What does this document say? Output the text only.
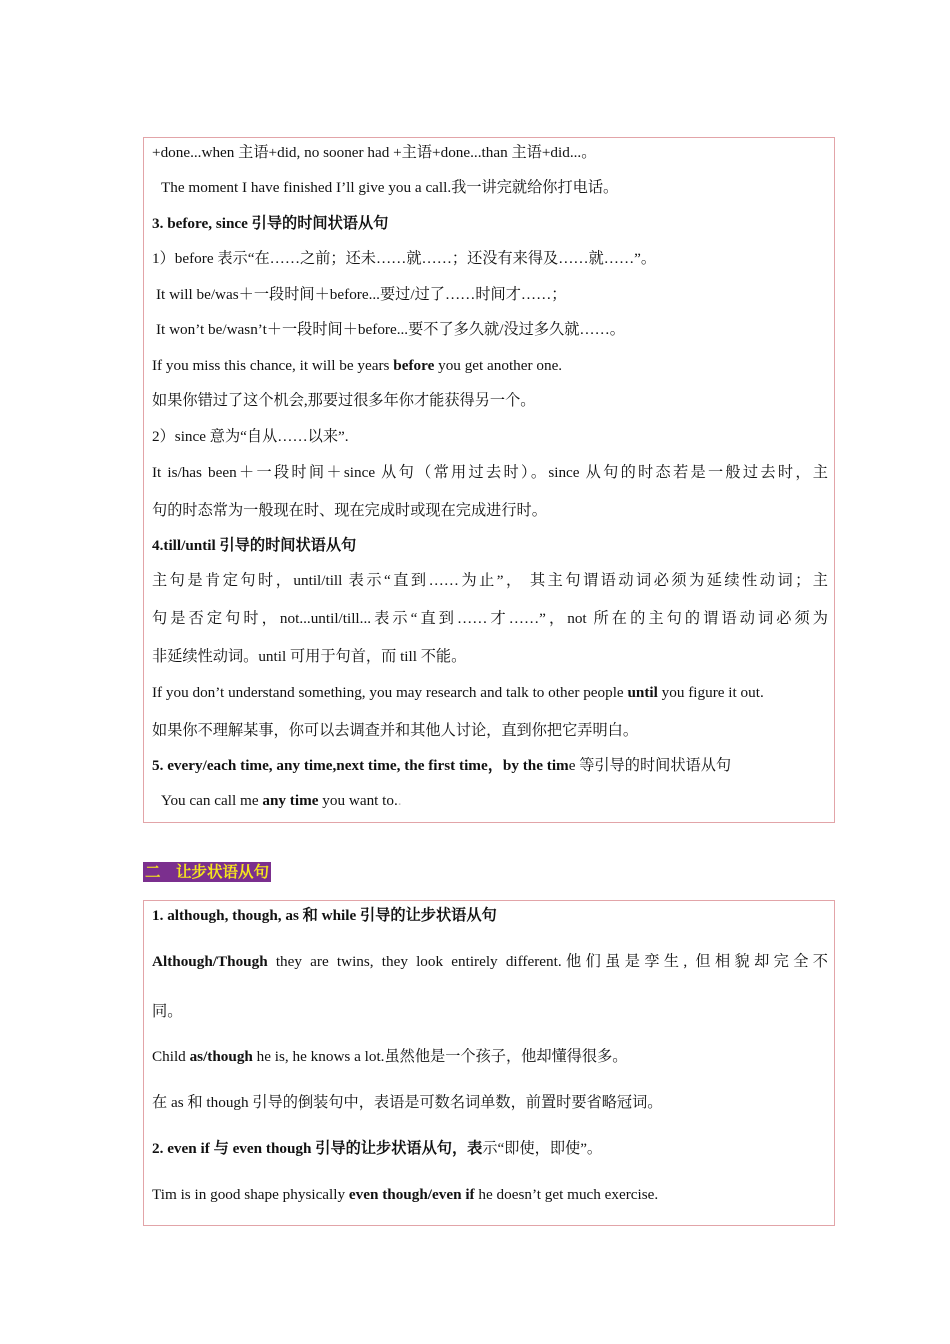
+done...when 主语+did, no sooner had +主语+done...than 主语+did...。
The moment I have finished I’ll give you a call.我一讲完就给你打电话。
3. before, since 引导的时间状语从句
1）before 表示“在……之前；还未……就……；还没有来得及……就……”。
It will be/was＋一段时间＋before...要过/过了……时间才……；
It won’t be/wasn’t＋一段时间＋before...要不了多久就/没过多久就……。
If you miss this chance, it will be years before you get another one.
如果你错过了这个机会,那要过很多年你才能获得另一个。
2）since 意为“自从……以来”.
It is/has been＋一段时间＋since 从句（常用过去时）。since 从句的时态若是一般过去时，主
句的时态常为一般现在时、现在完成时或现在完成进行时。
4.till/until 引导的时间状语从句
主句是肯定句时，until/till 表示“直到……为止”， 其主句谓语动词必须为延续性动词；主
句是否定句时，not...until/till...表示“直到……才……”，not 所在的主句的谓语动词必须为
非延续性动词。until 可用于句首，而 till 不能。
If you don’t understand something, you may research and talk to other people until you figure it out.
如果你不理解某事，你可以去调查并和其他人讨论，直到你把它弄明白。
5. every/each time, any time,next time, the first time，by the time 等引导的时间状语从句
You can call me any time you want to..
二　让步状语从句
1. although, though, as 和 while 引导的让步状语从句
Although/Though they are twins, they look entirely different.他们虽是孪生, 但相貌却完全不
同。
Child as/though he is, he knows a lot.虽然他是一个孩子，他却懂得很多。
在 as 和 though 引导的倒装句中，表语是可数名词单数，前置时要省略冠词。
2. even if 与 even though 引导的让步状语从句，表示“即使，即使”。
Tim is in good shape physically even though/even if he doesn’t get much exercise.
